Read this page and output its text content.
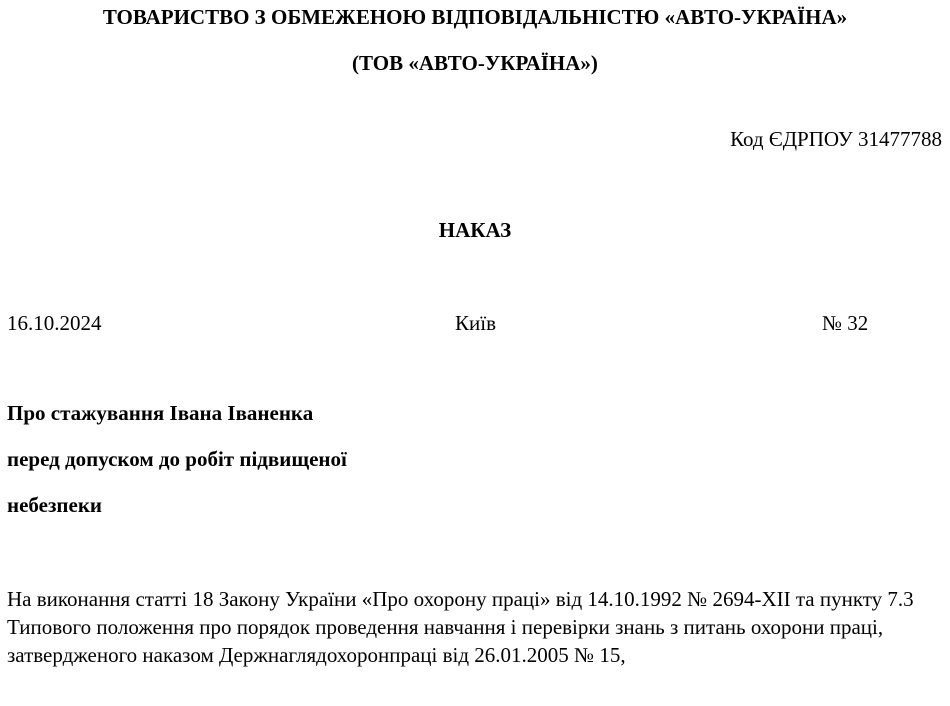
ТОВАРИСТВО З ОБМЕЖЕНОЮ ВІДПОВІДАЛЬНІСТЮ «АВТО-УКРАЇНА»
(ТОВ «АВТО-УКРАЇНА»)
Код ЄДРПОУ 31477788
НАКАЗ
16.10.2024	Київ	№ 32
Про стажування Івана Іваненка
перед допуском до робіт підвищеної
небезпеки
На виконання статті 18 Закону України «Про охорону праці» від 14.10.1992 № 2694-XII та пункту 7.3 Типового положення про порядок проведення навчання і перевірки знань з питань охорони праці, затвердженого наказом Держнаглядохоронпраці від 26.01.2005 № 15,
